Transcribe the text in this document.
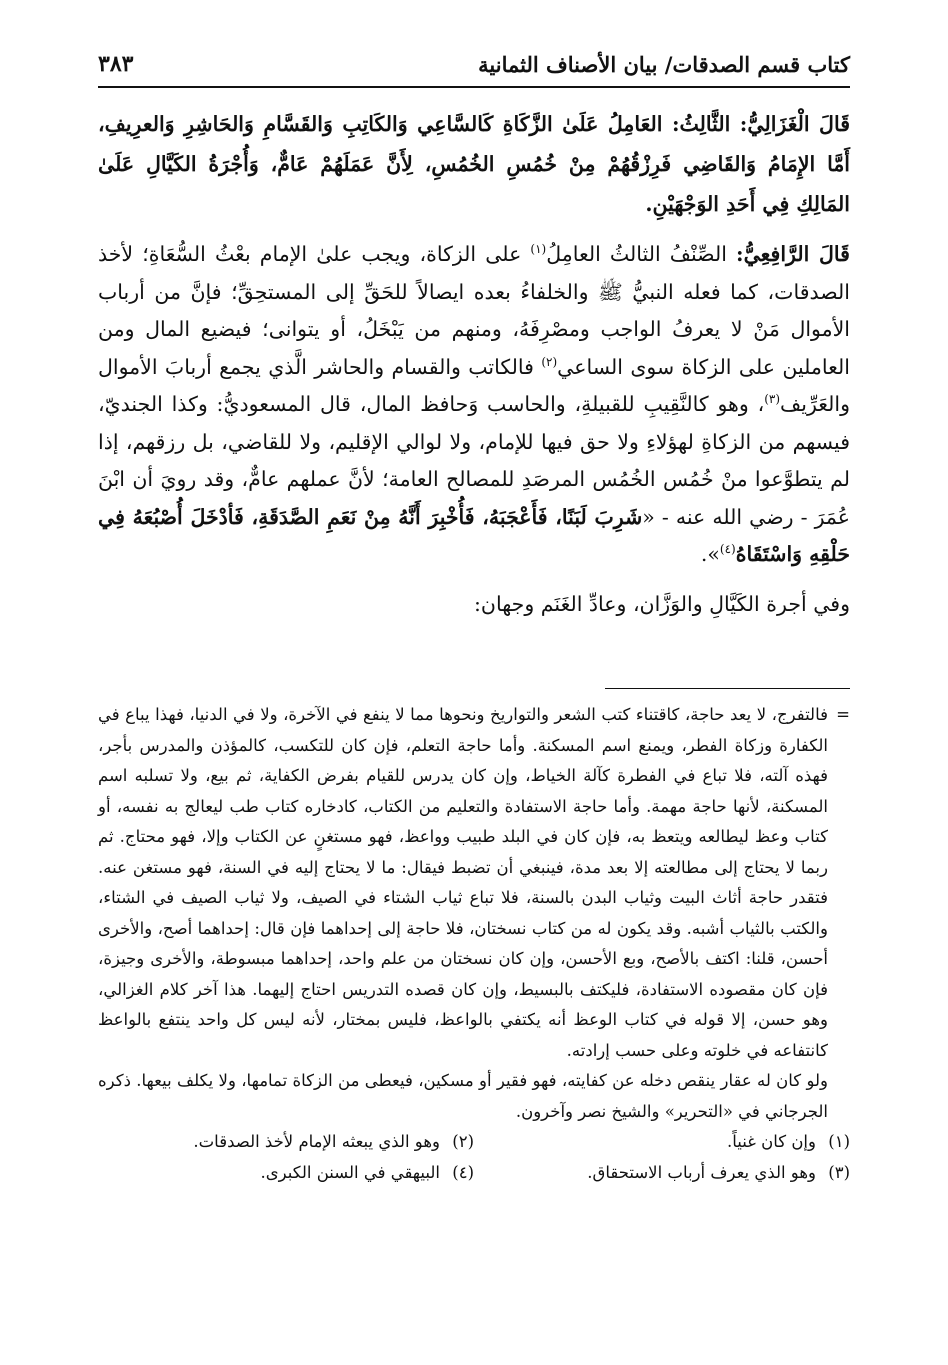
كتاب قسم الصدقات/ بيان الأصناف الثمانية
٣٨٣

قَالَ الْغَزَالِيُّ: الثَّالِثُ: العَامِلُ عَلَىٰ الزَّكَاةِ كَالسَّاعِي وَالكَاتِبِ وَالقَسَّامِ وَالحَاشِرِ وَالعرِيفِ، أَمَّا الإِمَامُ وَالقَاضِي فَرِزْقُهُمْ مِنْ خُمُسِ الخُمُسِ، لِأَنَّ عَمَلَهُمْ عَامٌّ، وَأُجْرَةُ الكَيَّالِ عَلَىٰ المَالِكِ فِي أَحَدِ الوَجْهَيْنِ.

قَالَ الرَّافِعِيُّ: الصِّنْفُ الثالثُ العامِلُ$^{(١)}$ على الزكاة، ويجب علىٰ الإمام بعْثُ السُّعَاةِ؛ لأخذ الصدقات، كما فعله النبيُّ ﷺ والخلفاءُ بعده ايصالاً للحَقِّ إلى المستحِقِّ؛ فإنَّ من أرباب الأموال مَنْ لا يعرفُ الواجب ومصْرِفَهُ، ومنهم من يَبْخَلُ، أو يتوانى؛ فيضيع المال ومن العاملين على الزكاة سوى الساعي$^{(٢)}$ فالكاتب والقسام والحاشر الَّذي يجمع أربابَ الأموال والعَرِّيف$^{(٣)}$، وهو كالنَّقِيبِ للقبيلةِ، والحاسب وَحافظ المال، قال المسعوديُّ: وكذا الجنديّ، فيسهم من الزكاةِ لهؤلاءِ ولا حق فيها للإمام، ولا لوالي الإقليم، ولا للقاضي، بل رزقهم، إذا لم يتطوَّعوا منْ خُمُس الخُمُس المرصَدِ للمصالح العامة؛ لأنَّ عملهم عامٌّ، وقد رويَ أن ابْنَ عُمَرَ - رضي الله عنه - «شَرِبَ لَبَنًا، فَأَعْجَبَهُ، فَأُخْبِرَ أَنَّهُ مِنْ نَعَمِ الصَّدَقَةِ، فَأدْخَلَ أُصْبُعَهُ فِي حَلْقِهِ وَاسْتَقَاهُ$^{(٤)}$».

وفي أجرة الكَيَّالِ والوَزَّان، وعادِّ الغَنَم وجهان:

=

فالتفرج، لا يعد حاجة، كاقتناء كتب الشعر والتواريخ ونحوها مما لا ينفع في الآخرة، ولا في الدنيا، فهذا يباع في الكفارة وزكاة الفطر، ويمنع اسم المسكنة. وأما حاجة التعلم، فإن كان للتكسب، كالمؤذن والمدرس بأجر، فهذه آلته، فلا تباع في الفطرة كآلة الخياط، وإن كان يدرس للقيام بفرض الكفاية، ثم بيع، ولا تسلبه اسم المسكنة، لأنها حاجة مهمة. وأما حاجة الاستفادة والتعليم من الكتاب، كادخاره كتاب طب ليعالج به نفسه، أو كتاب وعظ ليطالعه ويتعظ به، فإن كان في البلد طبيب وواعظ، فهو مستغنٍ عن الكتاب وإلا، فهو محتاج. ثم ربما لا يحتاج إلى مطالعته إلا بعد مدة، فينبغي أن تضبط فيقال: ما لا يحتاج إليه في السنة، فهو مستغن عنه. فتقدر حاجة أثاث البيت وثياب البدن بالسنة، فلا تباع ثياب الشتاء في الصيف، ولا ثياب الصيف في الشتاء، والكتب بالثياب أشبه. وقد يكون له من كتاب نسختان، فلا حاجة إلى إحداهما فإن قال: إحداهما أصح، والأخرى أحسن، قلنا: اكتف بالأصح، وبع الأحسن، وإن كان نسختان من علم واحد، إحداهما مبسوطة، والأخرى وجيزة، فإن كان مقصوده الاستفادة، فليكتف بالبسيط، وإن كان قصده التدريس احتاج إليهما. هذا آخر كلام الغزالي، وهو حسن، إلا قوله في كتاب الوعظ أنه يكتفي بالواعظ، فليس بمختار، لأنه ليس كل واحد ينتفع بالواعظ كانتفاعه في خلوته وعلى حسب إرادته.

ولو كان له عقار ينقص دخله عن كفايته، فهو فقير أو مسكين، فيعطى من الزكاة تمامها، ولا يكلف بيعها. ذكره الجرجاني في «التحرير» والشيخ نصر وآخرون.

(١)
وإن كان غنياً.
(٢)
وهو الذي يبعثه الإمام لأخذ الصدقات.
(٣)
وهو الذي يعرف أرباب الاستحقاق.
(٤)
البيهقي في السنن الكبرى.
